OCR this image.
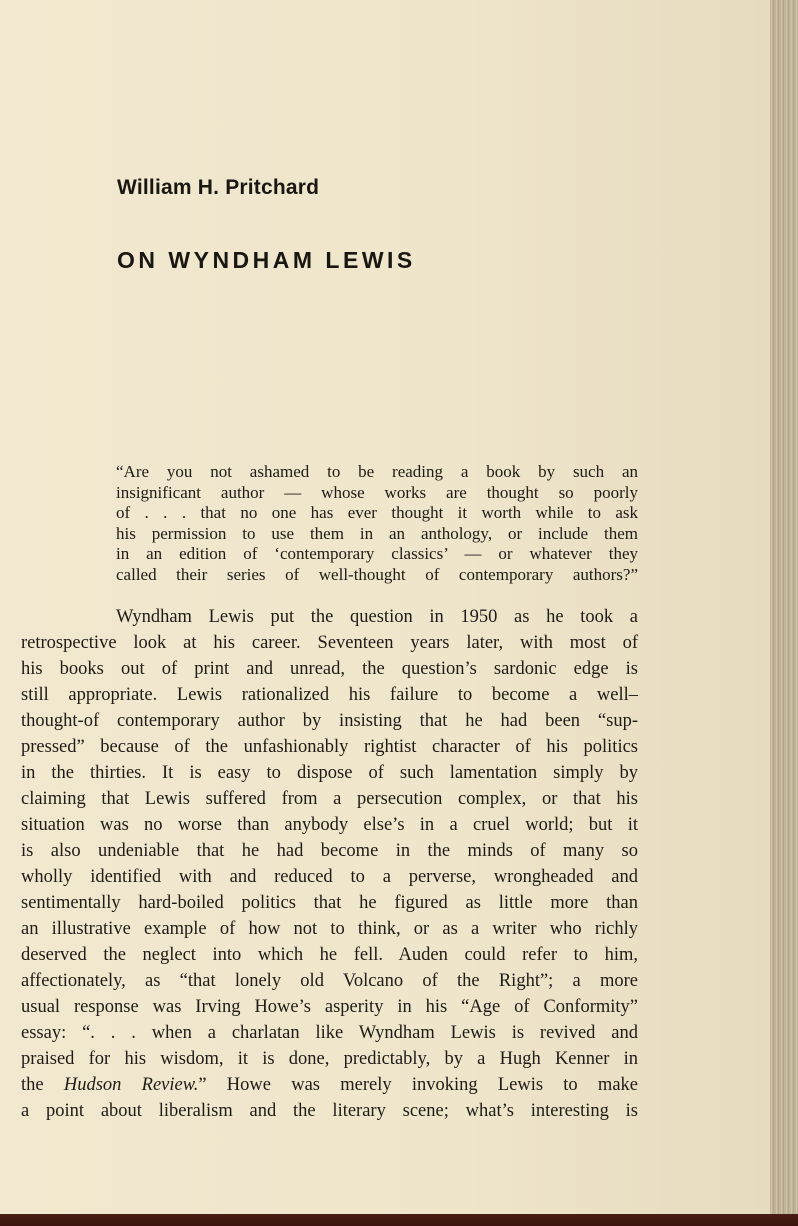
William H. Pritchard
ON WYNDHAM LEWIS
“Are you not ashamed to be reading a book by such an
insignificant author — whose works are thought so poorly
of . . . that no one has ever thought it worth while to ask
his permission to use them in an anthology, or include them
in an edition of ‘contemporary classics’ — or whatever they
called their series of well-thought of contemporary authors?”
Wyndham Lewis put the question in 1950 as he took a
retrospective look at his career. Seventeen years later, with most of
his books out of print and unread, the question’s sardonic edge is
still appropriate. Lewis rationalized his failure to become a well–
thought-of contemporary author by insisting that he had been “sup-
pressed” because of the unfashionably rightist character of his politics
in the thirties. It is easy to dispose of such lamentation simply by
claiming that Lewis suffered from a persecution complex, or that his
situation was no worse than anybody else’s in a cruel world; but it
is also undeniable that he had become in the minds of many so
wholly identified with and reduced to a perverse, wrongheaded and
sentimentally hard-boiled politics that he figured as little more than
an illustrative example of how not to think, or as a writer who richly
deserved the neglect into which he fell. Auden could refer to him,
affectionately, as “that lonely old Volcano of the Right”; a more
usual response was Irving Howe’s asperity in his “Age of Conformity”
essay: “. . . when a charlatan like Wyndham Lewis is revived and
praised for his wisdom, it is done, predictably, by a Hugh Kenner in
the Hudson Review.” Howe was merely invoking Lewis to make
a point about liberalism and the literary scene; what’s interesting is
